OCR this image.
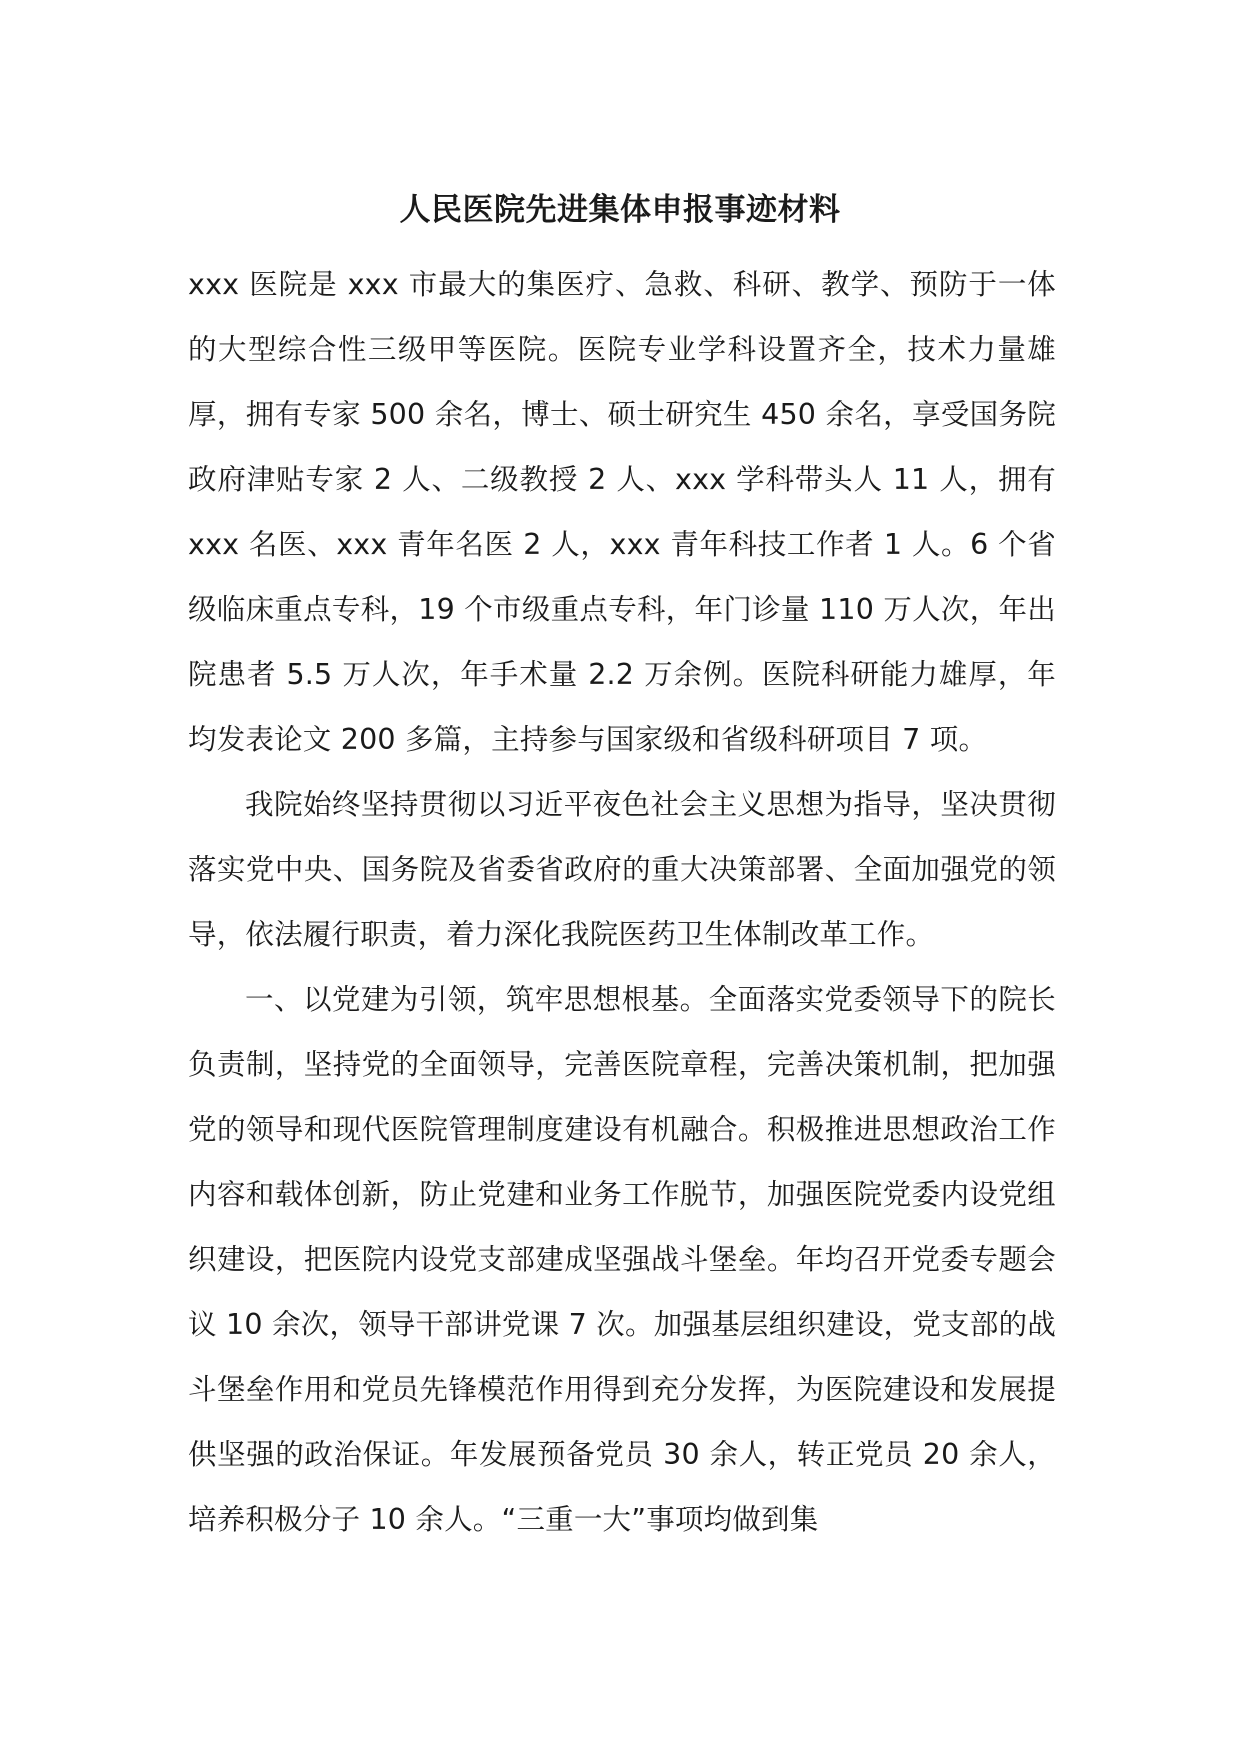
人民医院先进集体申报事迹材料

xxx 医院是 xxx 市最大的集医疗、急救、科研、教学、预防于一体的大型综合性三级甲等医院。医院专业学科设置齐全，技术力量雄厚，拥有专家 500 余名，博士、硕士研究生 450 余名，享受国务院政府津贴专家 2 人、二级教授 2 人、xxx 学科带头人 11 人，拥有 xxx 名医、xxx 青年名医 2 人，xxx 青年科技工作者 1 人。6 个省级临床重点专科，19 个市级重点专科，年门诊量 110 万人次，年出院患者 5.5 万人次，年手术量 2.2 万余例。医院科研能力雄厚，年均发表论文 200 多篇，主持参与国家级和省级科研项目 7 项。

我院始终坚持贯彻以习近平夜色社会主义思想为指导，坚决贯彻落实党中央、国务院及省委省政府的重大决策部署、全面加强党的领导，依法履行职责，着力深化我院医药卫生体制改革工作。

一、以党建为引领，筑牢思想根基。全面落实党委领导下的院长负责制，坚持党的全面领导，完善医院章程，完善决策机制，把加强党的领导和现代医院管理制度建设有机融合。积极推进思想政治工作内容和载体创新，防止党建和业务工作脱节，加强医院党委内设党组织建设，把医院内设党支部建成坚强战斗堡垒。年均召开党委专题会议 10 余次，领导干部讲党课 7 次。加强基层组织建设，党支部的战斗堡垒作用和党员先锋模范作用得到充分发挥，为医院建设和发展提供坚强的政治保证。年发展预备党员 30 余人，转正党员 20 余人，培养积极分子 10 余人。“三重一大”事项均做到集
